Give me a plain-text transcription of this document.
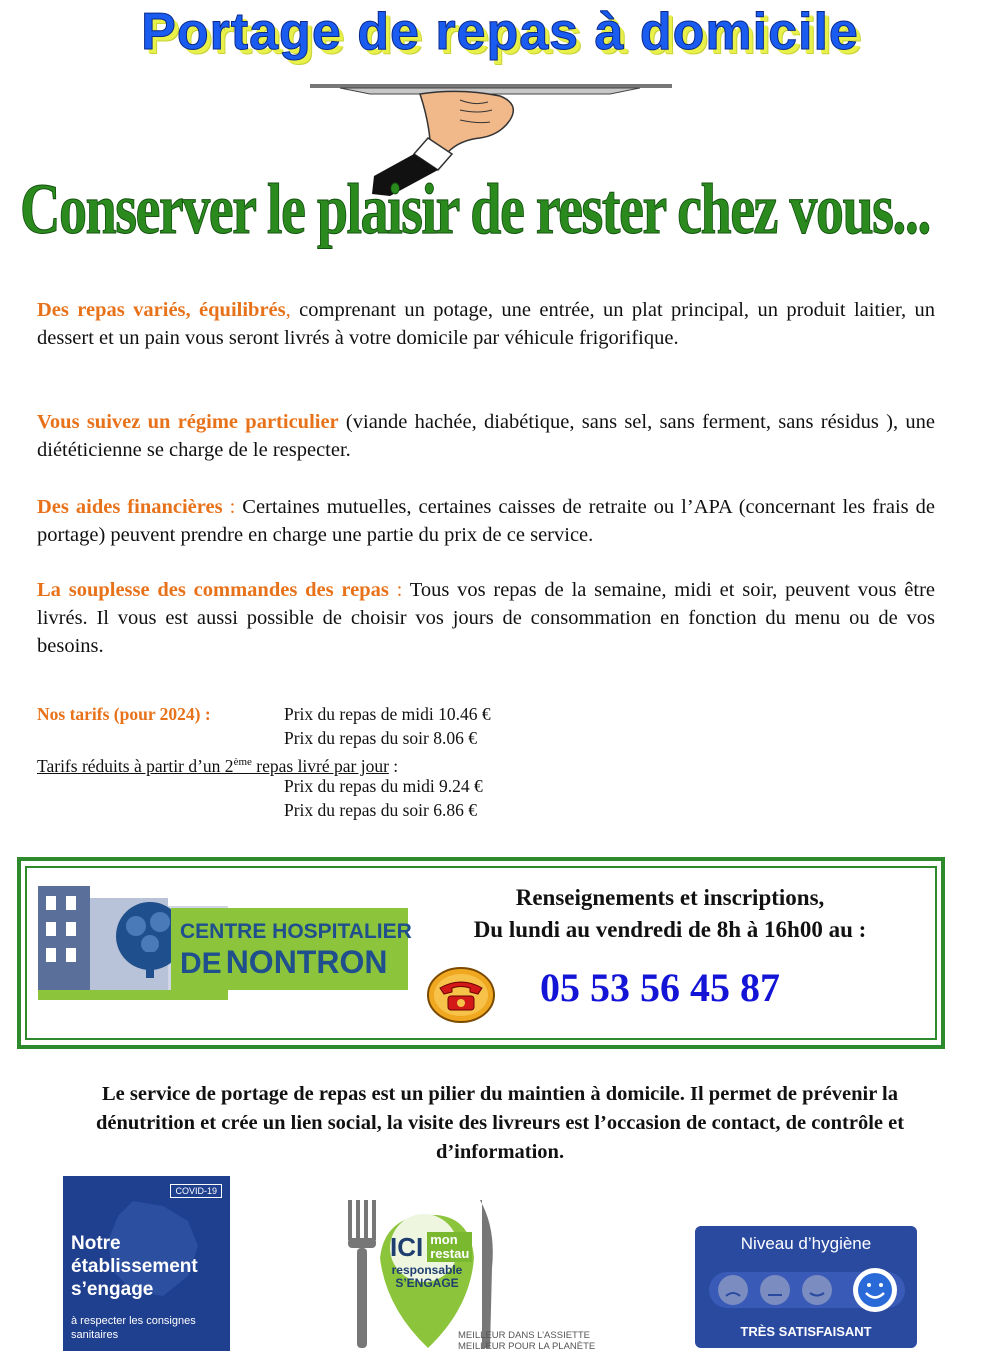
Portage de repas à domicile
Conserver le plaisir de rester chez vous...

Des repas variés, équilibrés, comprenant un potage, une entrée, un plat principal, un produit laitier, un dessert et un pain vous seront livrés à votre domicile par véhicule frigorifique.

Vous suivez un régime particulier (viande hachée, diabétique, sans sel, sans ferment, sans résidus ), une diététicienne se charge de le respecter.

Des aides financières : Certaines mutuelles, certaines caisses de retraite ou l’APA (concernant les frais de portage) peuvent prendre en charge une partie du prix de ce service.

La souplesse des commandes des repas : Tous vos repas de la semaine, midi et soir, peuvent vous être livrés. Il vous est aussi possible de choisir vos jours de consommation en fonction du menu ou de vos besoins.

Nos tarifs (pour 2024) :	Prix du repas de midi 10.46 €
Prix du repas du soir 8.06 €
Tarifs réduits à partir d’un 2ème repas livré par jour :
Prix du repas du midi 9.24 €
Prix du repas du soir 6.86 €
CENTRE HOSPITALIER
DE NONTRON
Renseignements et inscriptions,
Du lundi au vendredi de 8h à 16h00 au :
05 53 56 45 87
Le service de portage de repas est un pilier du maintien à domicile. Il permet de prévenir la dénutrition et crée un lien social, la visite des livreurs est l’occasion de contact, de contrôle et d’information.
COVID-19
Notre établissement s’engage
à respecter les consignes sanitaires
ICI mon
restau
responsable
S’ENGAGE
MEILLEUR DANS L’ASSIETTE
MEILLEUR POUR LA PLANÈTE
Niveau d’hygiène
TRÈS SATISFAISANT
